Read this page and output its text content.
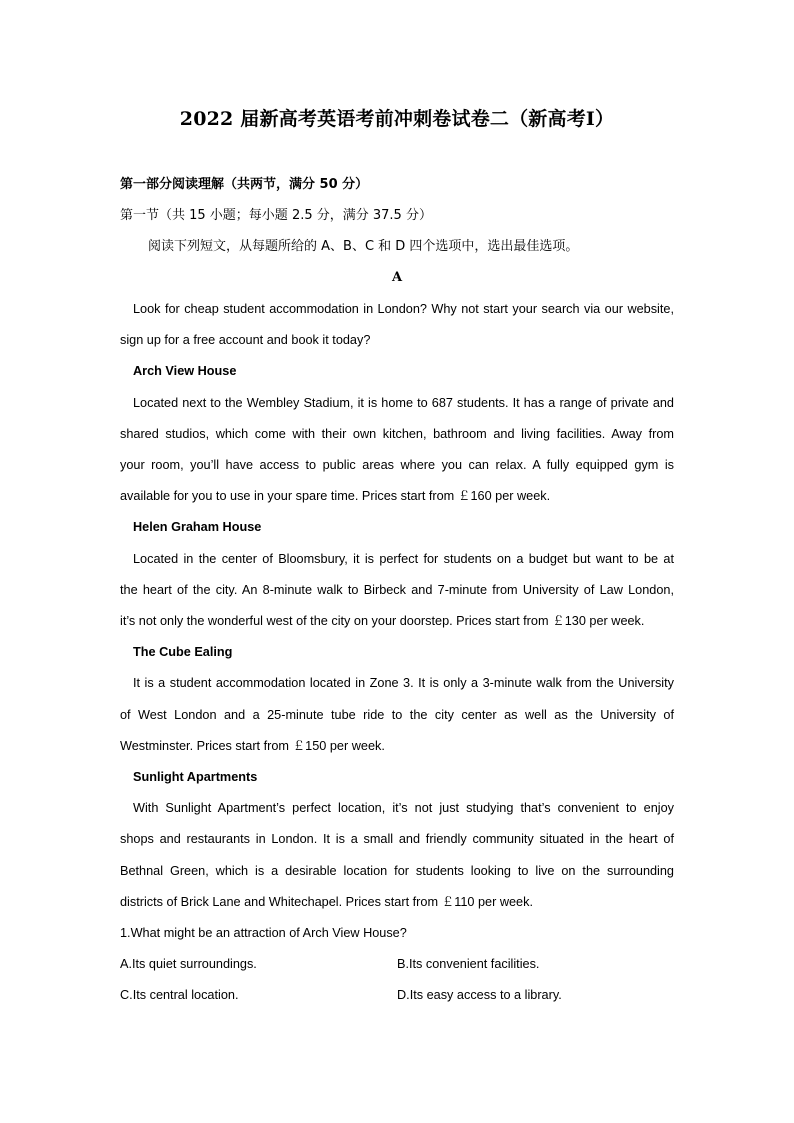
2022 届新高考英语考前冲刺卷试卷二（新高考Ⅰ）
第一部分阅读理解（共两节，满分 50 分）
第一节（共 15 小题；每小题 2.5 分，满分 37.5 分）
阅读下列短文，从每题所给的 A、B、C 和 D 四个选项中，选出最佳选项。
A
Look for cheap student accommodation in London? Why not start your search via our website,
sign up for a free account and book it today?
Arch View House
Located next to the Wembley Stadium, it is home to 687 students. It has a range of private and
shared studios, which come with their own kitchen, bathroom and living facilities. Away from
your room, you’ll have access to public areas where you can relax. A fully equipped gym is
available for you to use in your spare time. Prices start from ￡160 per week.
Helen Graham House
Located in the center of Bloomsbury, it is perfect for students on a budget but want to be at
the heart of the city. An 8-minute walk to Birbeck and 7-minute from University of Law London,
it’s not only the wonderful west of the city on your doorstep. Prices start from ￡130 per week.
The Cube Ealing
It is a student accommodation located in Zone 3. It is only a 3-minute walk from the University
of West London and a 25-minute tube ride to the city center as well as the University of
Westminster. Prices start from ￡150 per week.
Sunlight Apartments
With Sunlight Apartment’s perfect location, it’s not just studying that’s convenient to enjoy
shops and restaurants in London. It is a small and friendly community situated in the heart of
Bethnal Green, which is a desirable location for students looking to live on the surrounding
districts of Brick Lane and Whitechapel. Prices start from ￡110 per week.
1.What might be an attraction of Arch View House?
A.Its quiet surroundings.	B.Its convenient facilities.
C.Its central location.	D.Its easy access to a library.
